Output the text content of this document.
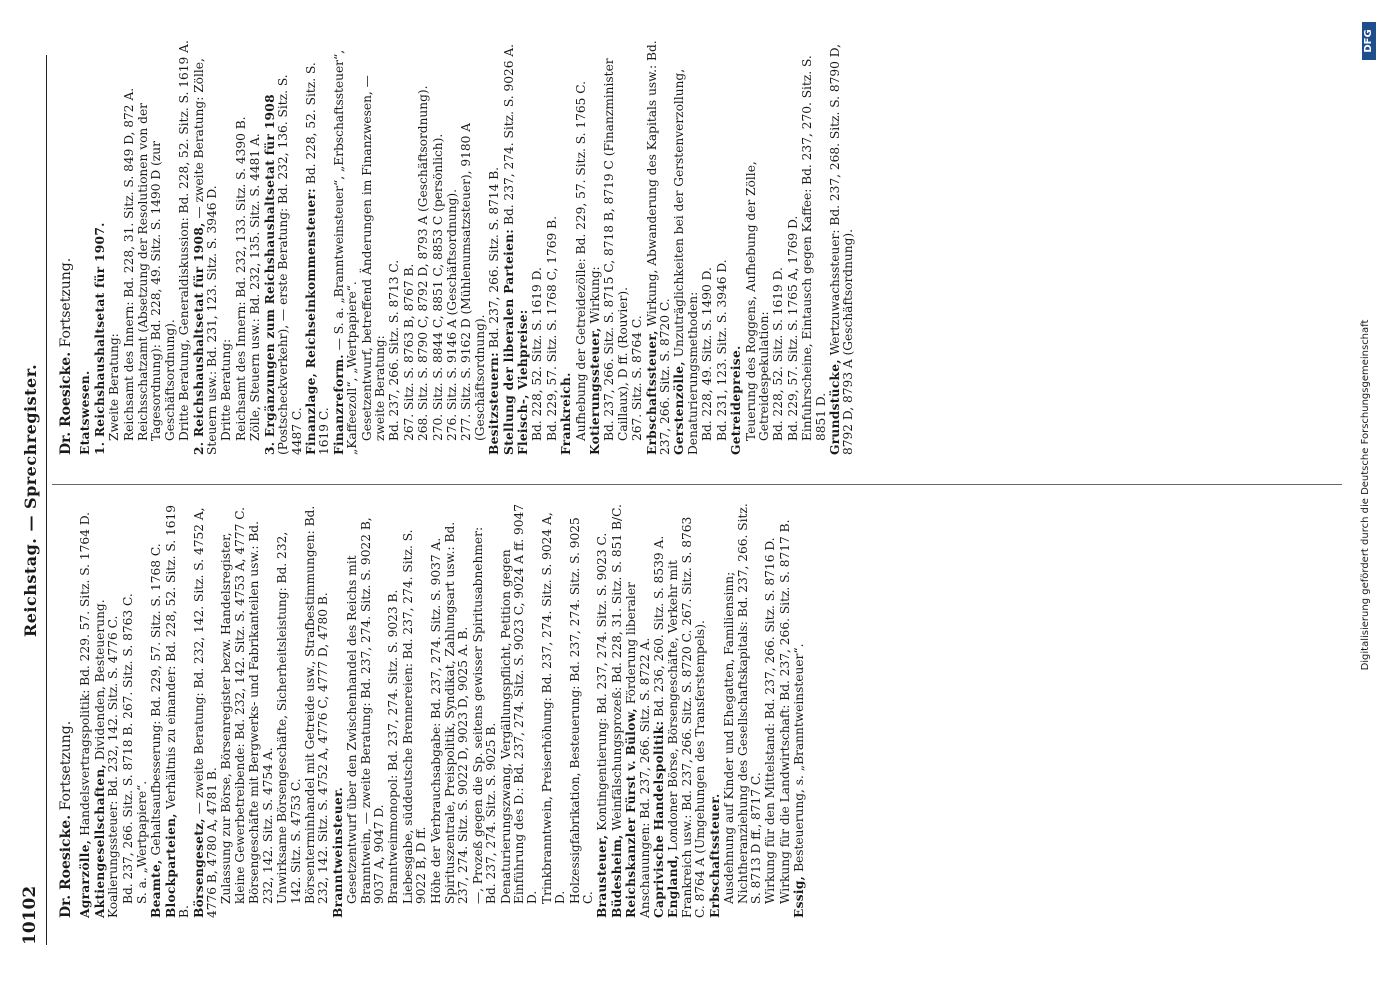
Digitalisierung gefördert durch die Deutsche Forschungsgemeinschaft
DFG
10102
Reichstag. — Sprechregister.
Dr. Roesicke. Fortsetzung.
Agrarzölle, Handelsvertragspolitik: Bd. 229. 57. Sitz. S. 1764 D.
Aktiengesellschaften, Dividenden, Besteuerung. Koalierungssteuer: Bd. 232, 142. Sitz. S. 4776 C. Bd. 237, 266. Sitz. S. 8718 B. 267. Sitz. S. 8763 C. S. a. „Wertpapiere“. Beamte, Gehaltsaufbesserung: Bd. 229, 57. Sitz. S. 1768 C.
Blockparteien, Verhältnis zu einander: Bd. 228, 52. Sitz. S. 1619 B. Börsengesetz, — zweite Beratung: Bd. 232, 142. Sitz. S. 4752 A, 4776 B, 4780 A, 4781 B. Zulassung zur Börse, Börsenregister bezw. Handelsregister, kleine Gewerbetreibende: Bd. 232, 142. Sitz. S. 4753 A, 4777 C. Börsengeschäfte mit Bergwerks- und Fabrikanteilen usw.: Bd. 232, 142. Sitz. S. 4754 A. Unwirksame Börsengeschäfte, Sicherheitsleistung: Bd. 232, 142. Sitz. S. 4753 C. Börsenterminhandel mit Getreide usw., Strafbestimmungen: Bd. 232, 142. Sitz. S. 4752 A, 4776 C, 4777 D, 4780 B. Branntweinsteuer. Gesetzentwurf über den Zwischenhandel des Reichs mit Branntwein, — zweite Beratung: Bd. 237, 274. Sitz. S. 9022 B, 9037 A, 9047 D. Branntweinmonopol: Bd. 237, 274. Sitz. S. 9023 B. Liebesgabe, süddeutsche Brennereien: Bd. 237, 274. Sitz. S. 9022 B, D ff. Höhe der Verbrauchsabgabe: Bd. 237, 274. Sitz. S. 9037 A. Spirituszentrale, Preispolitik, Syndikat, Zahlungsart usw.: Bd. 237, 274. Sitz. S. 9022 D, 9023 D, 9025 A. B. —, Prozeß gegen die Sp. seitens gewisser Spiritusabnehmer: Bd. 237, 274. Sitz. S. 9025 B. Denaturierungszwang, Vergällungspflicht, Petition gegen Einführung des D.: Bd. 237, 274. Sitz. S. 9023 C, 9024 A ff. 9047 D. Trinkbranntwein, Preiserhöhung: Bd. 237, 274. Sitz. S. 9024 A, D. Holzessigfabrikation, Besteuerung: Bd. 237, 274. Sitz. S. 9025 C. Brausteuer, Kontingentierung: Bd. 237, 274. Sitz. S. 9023 C.
Büdesheim, Weinfälschungsprozeß: Bd. 228, 31. Sitz. S. 851 B/C. Reichskanzler Fürst v. Bülow, Förderung liberaler Anschauungen: Bd. 237, 266. Sitz. S. 8722 A. Caprivische Handelspolitik: Bd. 236, 260. Sitz. S. 8539 A.
England, Londoner Börse, Börsengeschäfte, Verkehr mit Frankreich usw.: Bd. 237, 266. Sitz. S. 8720 C. 267. Sitz. S. 8763 C. 8764 A (Umgehungen des Transferstempels). Erbschaftssteuer. Ausdehnung auf Kinder und Ehegatten, Familiensinn; Nichtheranziehung des Gesellschaftskapitals: Bd. 237, 266. Sitz. S. 8713 D ff., 8717 C. Wirkung für den Mittelstand: Bd. 237, 266. Sitz. S. 8716 D. Wirkung für die Landwirtschaft: Bd. 237, 266. Sitz. S. 8717 B. Essig, Besteuerung, s. „Branntweinsteuer“.
Dr. Roesicke. Fortsetzung.
Etatswesen. 1. Reichshaushaltsetat für 1907. Zweite Beratung: Reichsamt des Innern: Bd. 228, 31. Sitz. S. 849 D, 872 A. Reichsschatzamt (Absetzung der Resolutionen von der Tagesordnung): Bd. 228, 49. Sitz. S. 1490 D (zur Geschäftsordnung). Dritte Beratung, Generaldiskussion: Bd. 228, 52. Sitz. S. 1619 A. 2. Reichshaushaltsetat für 1908, — zweite Beratung: Zölle, Steuern usw.: Bd. 231, 123. Sitz. S. 3946 D. Dritte Beratung: Reichsamt des Innern: Bd. 232, 133. Sitz. S. 4390 B. Zölle, Steuern usw.: Bd. 232, 135. Sitz. S. 4481 A. 3. Ergänzungen zum Reichshaushaltsetat für 1908 (Postscheckverkehr), — erste Beratung: Bd. 232, 136. Sitz. S. 4487 C. Finanzlage, Reichseinkommensteuer: Bd. 228, 52. Sitz. S. 1619 C. Finanzreform. — S. a. „Branntweinsteuer“, „Erbschaftssteuer“, „Kaffeezoll“, „Wertpapiere“. Gesetzentwurf, betreffend Änderungen im Finanzwesen, — zweite Beratung: Bd. 237, 266. Sitz. S. 8713 C. 267. Sitz. S. 8763 B, 8767 B. 268. Sitz. S. 8790 C, 8792 D, 8793 A (Geschäftsordnung). 270. Sitz. S. 8844 C, 8851 C, 8853 C (persönlich). 276. Sitz. S. 9146 A (Geschäftsordnung). 277. Sitz. S. 9162 D (Mühlenumsatzsteuer), 9180 A (Geschäftsordnung). Besitzsteuern: Bd. 237, 266. Sitz. S. 8714 B. Stellung der liberalen Parteien: Bd. 237, 274. Sitz. S. 9026 A.
Fleisch-, Viehpreise: Bd. 228, 52. Sitz. S. 1619 D. Bd. 229, 57. Sitz. S. 1768 C, 1769 B. Frankreich. Aufhebung der Getreidezölle: Bd. 229, 57. Sitz. S. 1765 C. Kotierungssteuer, Wirkung: Bd. 237, 266. Sitz. S. 8715 C, 8718 B, 8719 C (Finanzminister Caillaux), D ff. (Rouvier). 267. Sitz. S. 8764 C. Erbschaftssteuer, Wirkung, Abwanderung des Kapitals usw.: Bd. 237, 266. Sitz. S. 8720 C. Gerstenzölle, Unzuträglichkeiten bei der Gerstenverzollung, Denaturierungsmethoden: Bd. 228, 49. Sitz. S. 1490 D. Bd. 231, 123. Sitz. S. 3946 D. Getreidepreise. Teuerung des Roggens, Aufhebung der Zölle, Getreidespekulation: Bd. 228, 52. Sitz. S. 1619 D. Bd. 229, 57. Sitz. S. 1765 A, 1769 D. Einfuhrscheine, Eintausch gegen Kaffee: Bd. 237, 270. Sitz. S. 8851 D. Grundstücke, Wertzuwachssteuer: Bd. 237, 268. Sitz. S. 8790 D, 8792 D, 8793 A (Geschäftsordnung).
